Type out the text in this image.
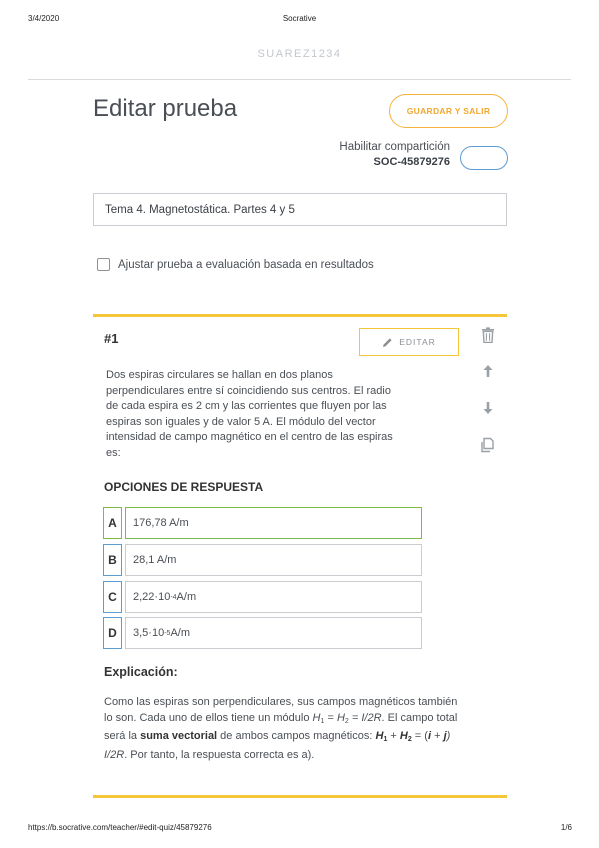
3/4/2020	Socrative
SUAREZ1234
Editar prueba	GUARDAR Y SALIR
Habilitar compartición
SOC-45879276
Tema 4. Magnetostática. Partes 4 y 5
Ajustar prueba a evaluación basada en resultados
#1	EDITAR

Dos espiras circulares se hallan en dos planos perpendiculares entre sí coincidiendo sus centros. El radio de cada espira es 2 cm y las corrientes que fluyen por las espiras son iguales y de valor 5 A. El módulo del vector intensidad de campo magnético en el centro de las espiras es:

OPCIONES DE RESPUESTA
A	176,78 A/m
B	28,1 A/m
C	2,22·10 -4 A/m
D	3,5·10 -5 A/m
Explicación:

Como las espiras son perpendiculares, sus campos magnéticos también lo son. Cada uno de ellos tiene un módulo $H_1 = H_2 = I/2R$. El campo total será la suma vectorial de ambos campos magnéticos: $H_1 + H_2 = (i + j)$ I/2R. Por tanto, la respuesta correcta es a).

https://b.socrative.com/teacher/#edit-quiz/45879276	1/6
